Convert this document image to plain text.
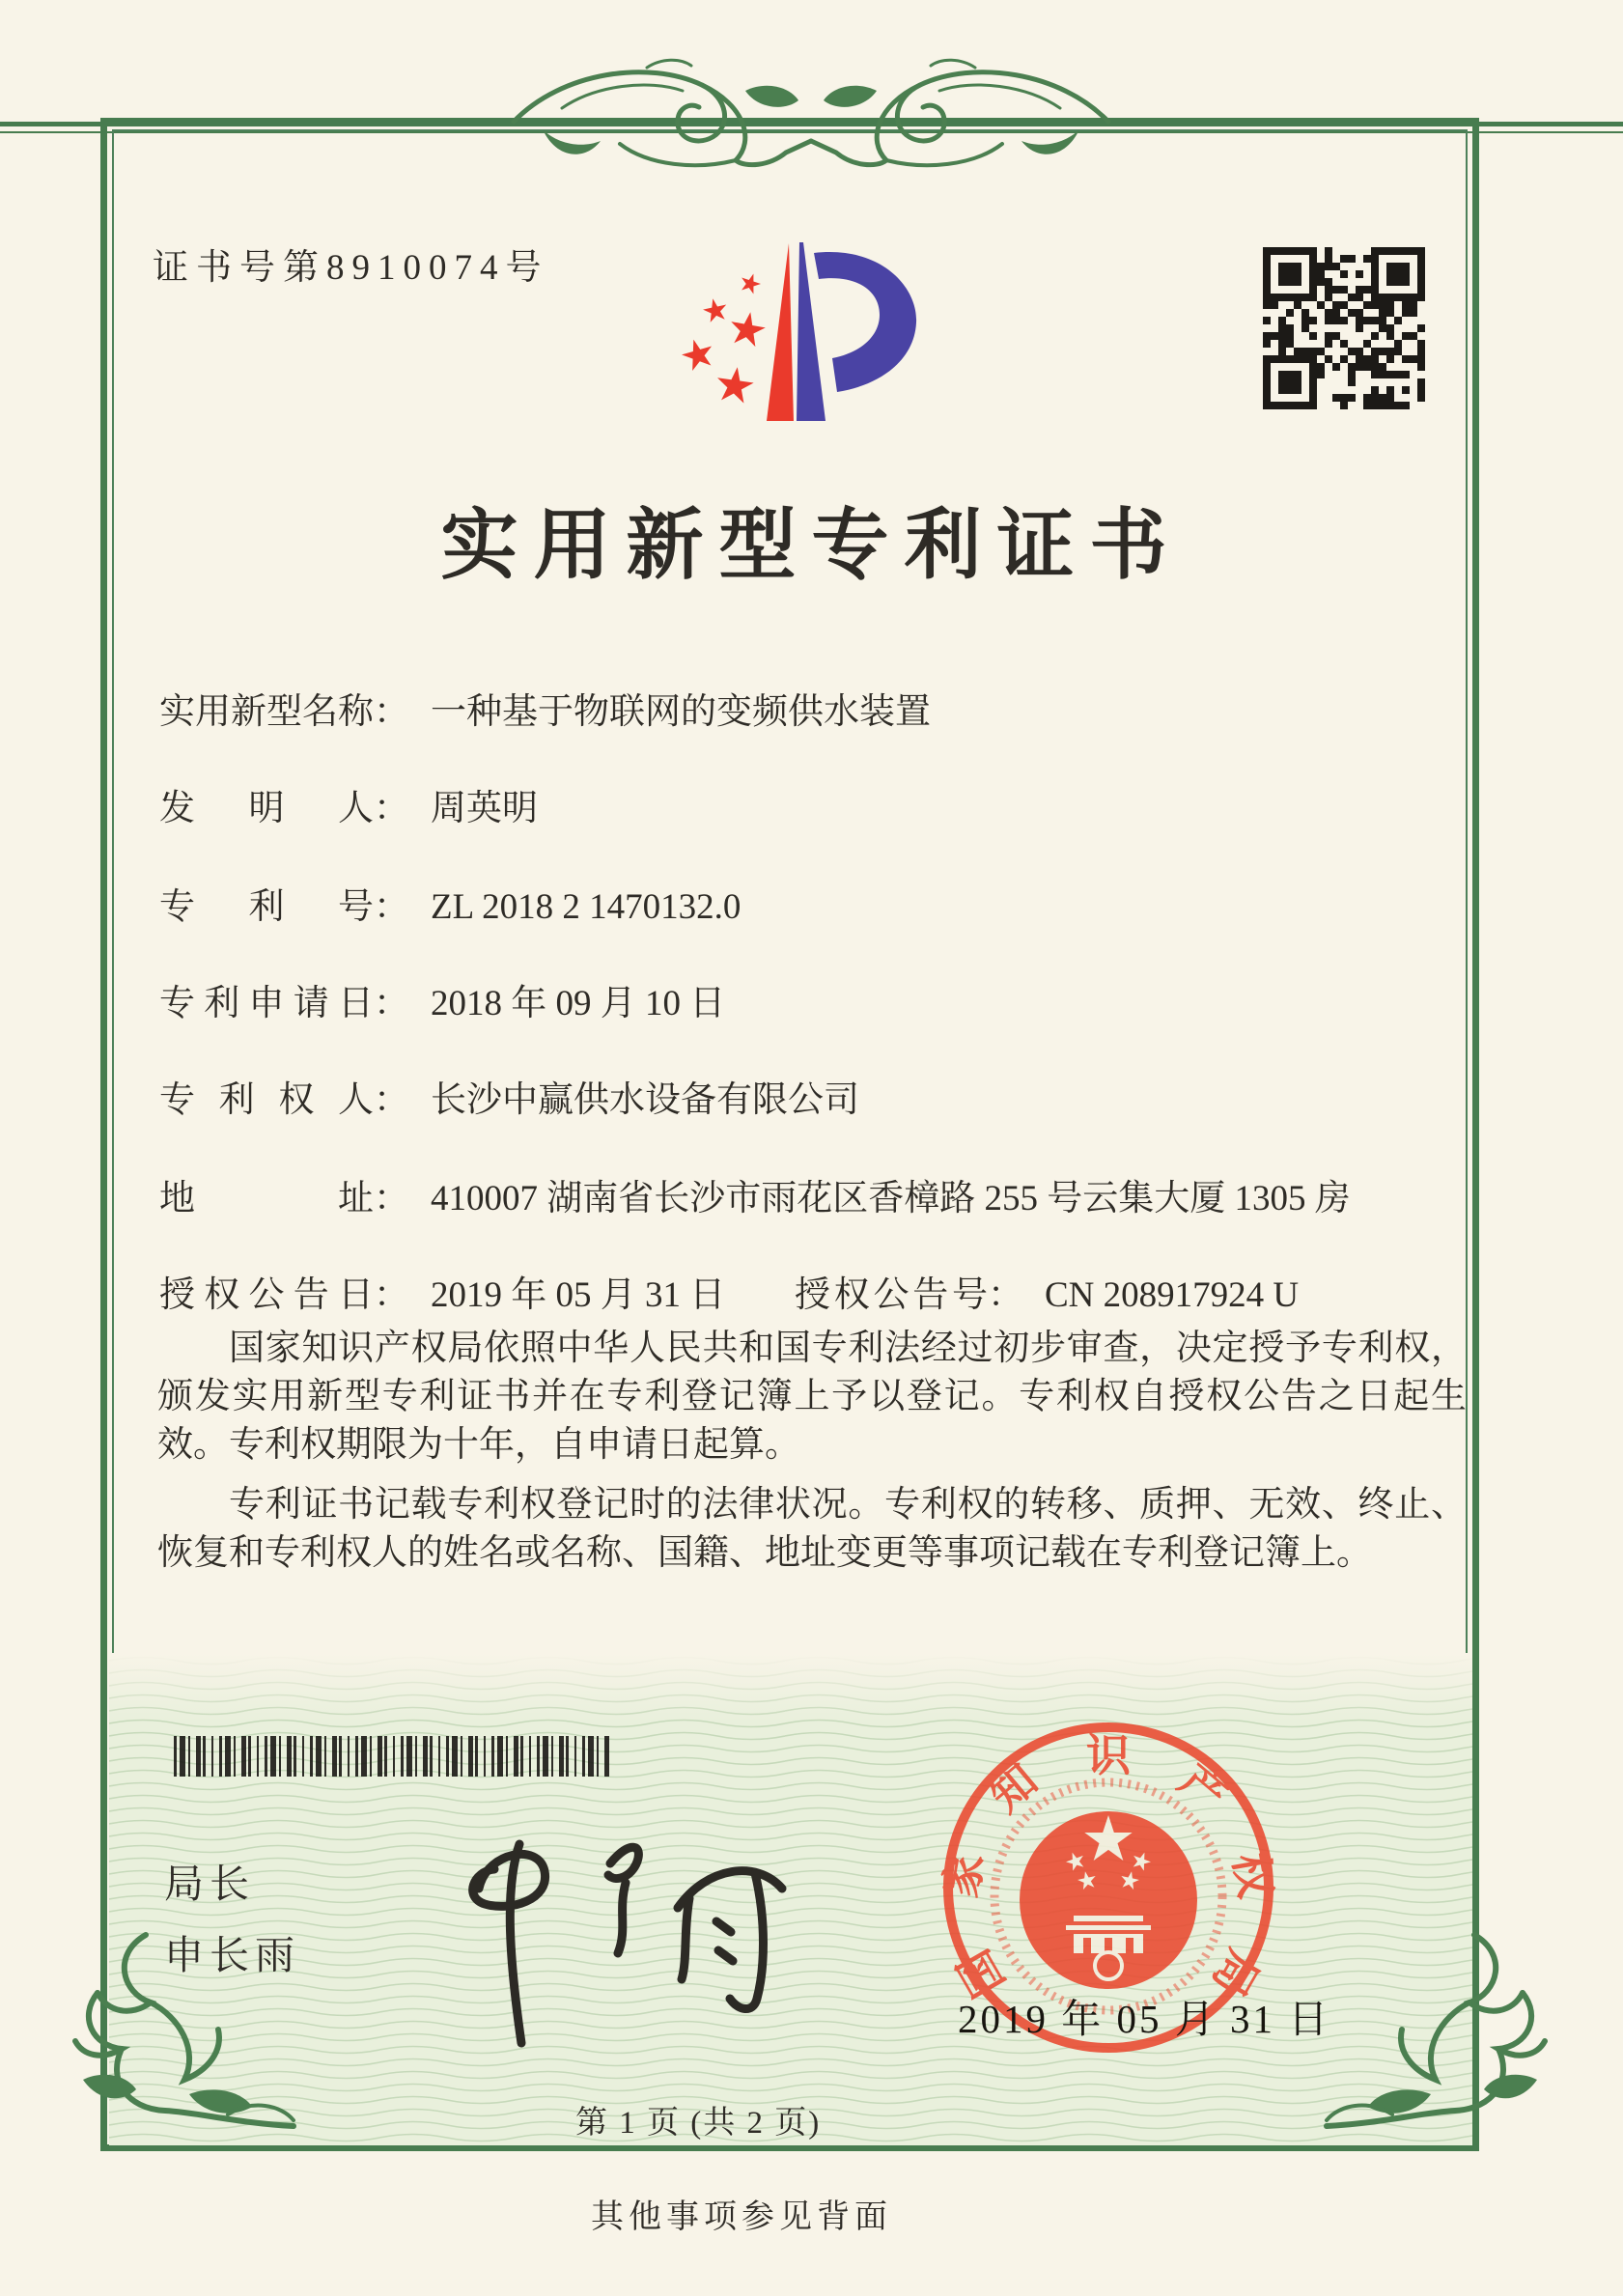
证书号第8910074号
实用新型专利证书
实用新型名称： 一种基于物联网的变频供水装置
发明人： 周英明
专利号： ZL 2018 2 1470132.0
专利申请日： 2018 年 09 月 10 日
专利权人： 长沙中赢供水设备有限公司
地址： 410007 湖南省长沙市雨花区香樟路 255 号云集大厦 1305 房
授权公告日： 2019 年 05 月 31 日 授权公告号： CN 208917924 U

国家知识产权局依照中华人民共和国专利法经过初步审查，决定授予专利权，颁发实用新型专利证书并在专利登记簿上予以登记。专利权自授权公告之日起生效。专利权期限为十年，自申请日起算。

专利证书记载专利权登记时的法律状况。专利权的转移、质押、无效、终止、恢复和专利权人的姓名或名称、国籍、地址变更等事项记载在专利登记簿上。

局长
申长雨	国
家
知 识 产
权
局
2019 年 05 月 31 日
第 1 页 (共 2 页)
其他事项参见背面
